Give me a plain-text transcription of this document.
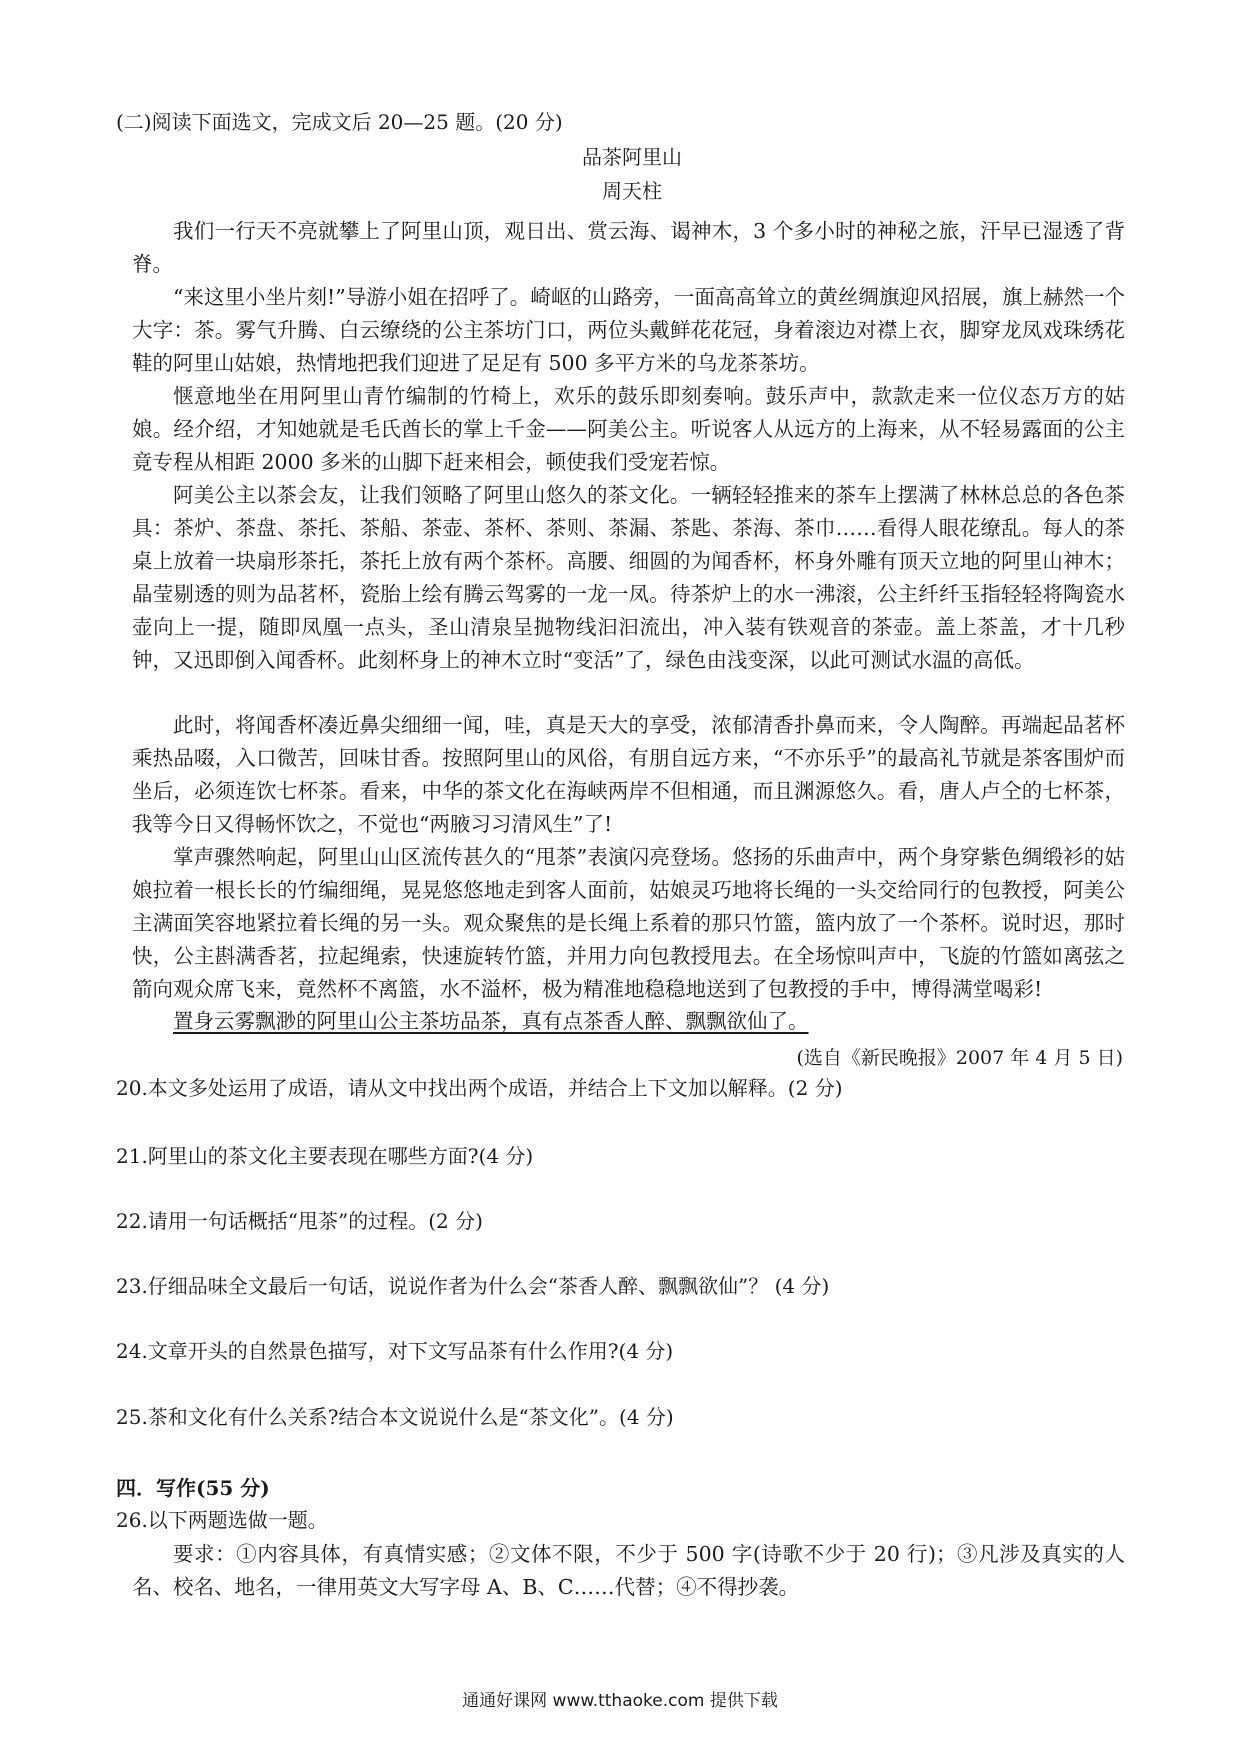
(二)阅读下面选文，完成文后 20—25 题。(20 分)
品茶阿里山
周天柱

我们一行天不亮就攀上了阿里山顶，观日出、赏云海、谒神木，3 个多小时的神秘之旅，汗早已湿透了背脊。

“来这里小坐片刻!”导游小姐在招呼了。崎岖的山路旁，一面高高耸立的黄丝绸旗迎风招展，旗上赫然一个大字：茶。雾气升腾、白云缭绕的公主茶坊门口，两位头戴鲜花花冠，身着滚边对襟上衣，脚穿龙凤戏珠绣花鞋的阿里山姑娘，热情地把我们迎进了足足有 500 多平方米的乌龙茶茶坊。

惬意地坐在用阿里山青竹编制的竹椅上，欢乐的鼓乐即刻奏响。鼓乐声中，款款走来一位仪态万方的姑娘。经介绍，才知她就是毛氏酋长的掌上千金——阿美公主。听说客人从远方的上海来，从不轻易露面的公主竟专程从相距 2000 多米的山脚下赶来相会，顿使我们受宠若惊。

阿美公主以茶会友，让我们领略了阿里山悠久的茶文化。一辆轻轻推来的茶车上摆满了林林总总的各色茶具：茶炉、茶盘、茶托、茶船、茶壶、茶杯、茶则、茶漏、茶匙、茶海、茶巾……看得人眼花缭乱。每人的茶桌上放着一块扇形茶托，茶托上放有两个茶杯。高腰、细圆的为闻香杯，杯身外雕有顶天立地的阿里山神木；晶莹剔透的则为品茗杯，瓷胎上绘有腾云驾雾的一龙一凤。待茶炉上的水一沸滚，公主纤纤玉指轻轻将陶瓷水壶向上一提，随即凤凰一点头，圣山清泉呈抛物线汩汩流出，冲入装有铁观音的茶壶。盖上茶盖，才十几秒钟，又迅即倒入闻香杯。此刻杯身上的神木立时“变活”了，绿色由浅变深，以此可测试水温的高低。

此时，将闻香杯凑近鼻尖细细一闻，哇，真是天大的享受，浓郁清香扑鼻而来，令人陶醉。再端起品茗杯乘热品啜，入口微苦，回味甘香。按照阿里山的风俗，有朋自远方来，“不亦乐乎”的最高礼节就是茶客围炉而坐后，必须连饮七杯茶。看来，中华的茶文化在海峡两岸不但相通，而且渊源悠久。看，唐人卢仝的七杯茶，我等今日又得畅怀饮之，不觉也“两腋习习清风生”了!

掌声骤然响起，阿里山山区流传甚久的“甩茶”表演闪亮登场。悠扬的乐曲声中，两个身穿紫色绸缎衫的姑娘拉着一根长长的竹编细绳，晃晃悠悠地走到客人面前，姑娘灵巧地将长绳的一头交给同行的包教授，阿美公主满面笑容地紧拉着长绳的另一头。观众聚焦的是长绳上系着的那只竹篮，篮内放了一个茶杯。说时迟，那时快，公主斟满香茗，拉起绳索，快速旋转竹篮，并用力向包教授甩去。在全场惊叫声中，飞旋的竹篮如离弦之箭向观众席飞来，竟然杯不离篮，水不溢杯，极为精准地稳稳地送到了包教授的手中，博得满堂喝彩!

置身云雾飘渺的阿里山公主茶坊品茶，真有点茶香人醉、飘飘欲仙了。

(选自《新民晚报》2007 年 4 月 5 日)
20.本文多处运用了成语，请从文中找出两个成语，并结合上下文加以解释。(2 分)
21.阿里山的茶文化主要表现在哪些方面?(4 分)
22.请用一句话概括“甩茶”的过程。(2 分)
23.仔细品味全文最后一句话，说说作者为什么会“茶香人醉、飘飘欲仙”？ (4 分)
24.文章开头的自然景色描写，对下文写品茶有什么作用?(4 分)
25.茶和文化有什么关系?结合本文说说什么是“茶文化”。(4 分)
四．写作(55 分)
26.以下两题选做一题。

要求：①内容具体，有真情实感；②文体不限，不少于 500 字(诗歌不少于 20 行)；③凡涉及真实的人名、校名、地名，一律用英文大写字母 A、B、C……代替；④不得抄袭。

通通好课网 www.tthaoke.com 提供下载
